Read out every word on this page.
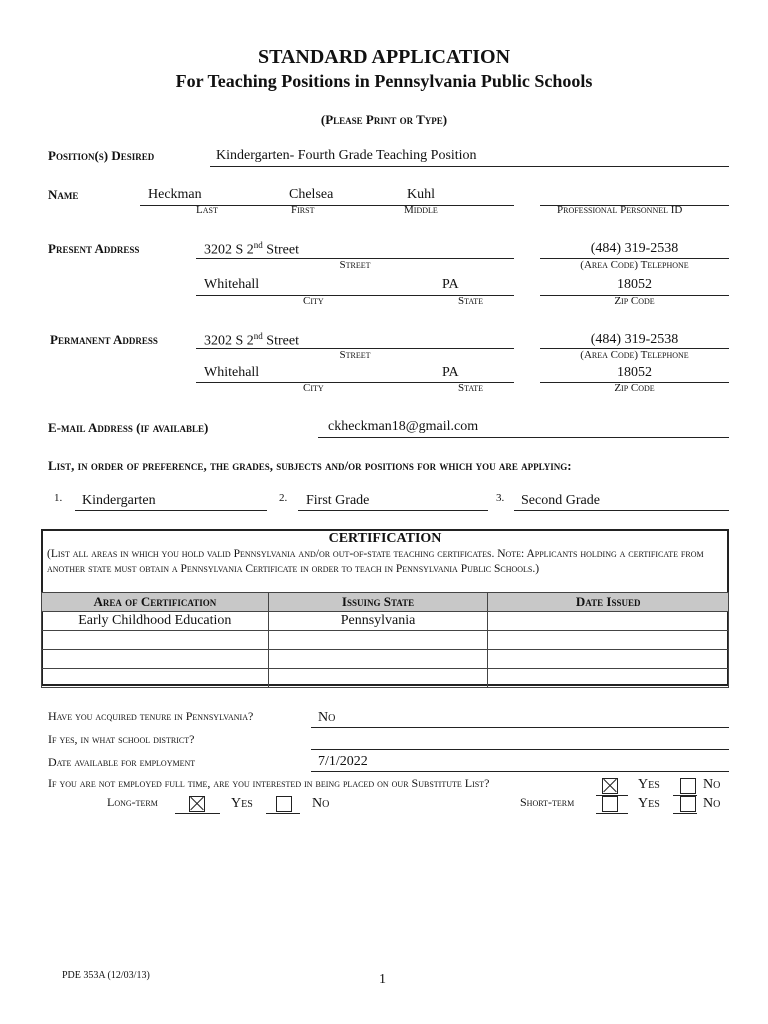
STANDARD APPLICATION
For Teaching Positions in Pennsylvania Public Schools
(Please Print or Type)
Position(s) Desired	Kindergarten- Fourth Grade Teaching Position
Name	Heckman	Chelsea	Kuhl
Last	First	Middle	Professional Personnel ID
Present Address	3202 S 2nd Street	(484) 319-2538
Street	(Area Code) Telephone
Whitehall	PA	18052
City	State	Zip Code
Permanent Address	3202 S 2nd Street	(484) 319-2538
Street	(Area Code) Telephone
Whitehall	PA	18052
City	State	Zip Code
E-mail Address (if available)	ckheckman18@gmail.com
List, in order of preference, the grades, subjects and/or positions for which you are applying:
1. Kindergarten	2. First Grade	3. Second Grade
CERTIFICATION
(List all areas in which you hold valid Pennsylvania and/or out-of-state teaching certificates. Note: Applicants holding a certificate from another state must obtain a Pennsylvania Certificate in order to teach in Pennsylvania Public Schools.)
Area of Certification	Issuing State	Date Issued
Early Childhood Education	Pennsylvania	

Have you acquired tenure in Pennsylvania?	No
If yes, in what school district?
Date available for employment	7/1/2022
If you are not employed full time, are you interested in being placed on our Substitute List?	Yes	No
Long-term	Yes	No	Short-term	Yes	No
PDE 353A (12/03/13)	1
